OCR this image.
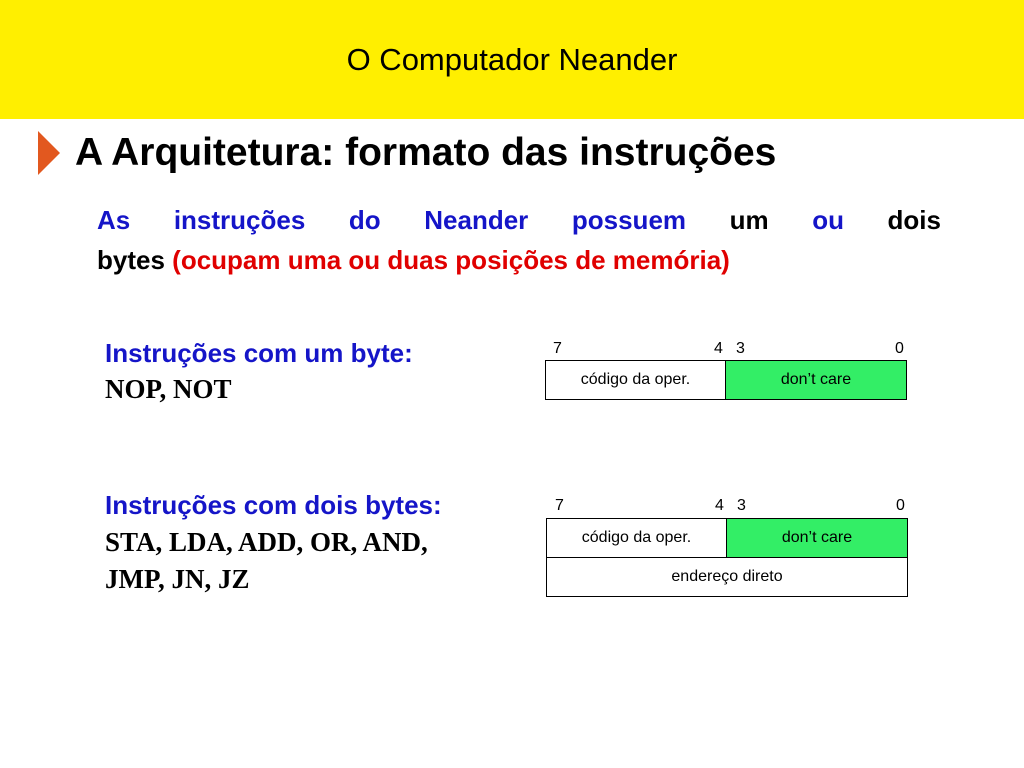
O Computador Neander
A Arquitetura: formato das instruções
As instruções do Neander possuem um ou dois
bytes (ocupam uma ou duas posições de memória)
Instruções com um byte:
NOP, NOT
7	4 3	0
código da oper.	don’t care
Instruções com dois bytes:
STA, LDA, ADD, OR, AND,
JMP, JN, JZ
7	4 3	0
código da oper.	don’t care
endereço direto
